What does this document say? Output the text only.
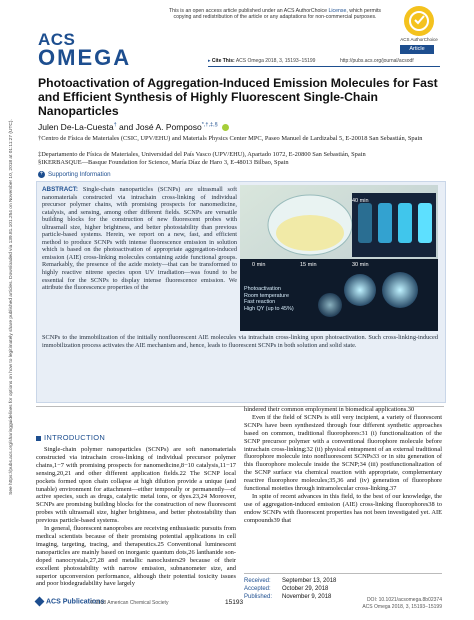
See https://pubs.acs.org/sharingguidelines for options on how to legitimately share published articles. Downloaded via 139.81.101.254 on November 10, 2018 at 01:11:27 (UTC).
This is an open access article published under an ACS AuthorChoice License, which permits
copying and redistribution of the article or any adaptations for non-commercial purposes.
ACS
OMEGA
ACS AuthorChoice
Article
▸ Cite This: ACS Omega 2018, 3, 15193−15199	http://pubs.acs.org/journal/acsodf
Photoactivation of Aggregation-Induced Emission Molecules for Fast and Efficient Synthesis of Highly Fluorescent Single-Chain Nanoparticles
Julen De-La-Cuesta† and José A. Pomposo*,†,‡,§
†Centro de Física de Materiales (CSIC, UPV/EHU) and Materials Physics Center MPC, Paseo Manuel de Lardizabal 5, E-20018 San Sebastián, Spain
‡Departamento de Física de Materiales, Universidad del País Vasco (UPV/EHU), Apartado 1072, E-20800 San Sebastián, Spain
§IKERBASQUE—Basque Foundation for Science, María Díaz de Haro 3, E-48013 Bilbao, Spain
+ Supporting Information
ABSTRACT: Single-chain nanoparticles (SCNPs) are ultrasmall soft nanomaterials constructed via intrachain cross-linking of individual precursor polymer chains, with promising prospects for nanomedicine, catalysis, and sensing, among other different fields. SCNPs are versatile building blocks for the construction of new fluorescent probes with ultrasmall size, higher brightness, and better photostability than previous particle-based systems. Herein, we report on a new, fast, and efficient method to produce SCNPs with intense fluorescence emission in solution which is based on the photoactivation of appropriate aggregation-induced emission (AIE) cross-linking molecules containing azide functional groups. Remarkably, the presence of the azide moiety—that can be transformed to highly reactive nitrene species upon UV irradiation—was found to be essential for the SCNPs to display intense fluorescence emission. We attribute the fluorescence properties of the
40 min
0 min	15 min	30 min
Photoactivation
Room temperature
Fast reaction
High QY (up to 45%)
SCNPs to the immobilization of the initially nonfluorescent AIE molecules via intrachain cross-linking upon photoactivation. Such cross-linking-induced immobilization process activates the AIE mechanism and, hence, leads to fluorescent SCNPs in both solution and solid state.
INTRODUCTION

Single-chain polymer nanoparticles (SCNPs) are soft nanomaterials constructed via intrachain cross-linking of individual precursor polymer chains,1−7 with promising prospects for nanomedicine,8−10 catalysis,11−17 sensing,20,21 and other different application fields.22 The SCNP local pockets formed upon chain collapse at high dilution provide a unique (and tunable) environment for attachment—either temporally or permanently—of active species, such as drugs, catalytic metal ions, or dyes.23,24 Moreover, SCNPs are promising building blocks for the construction of new fluorescent probes with ultrasmall size, higher brightness, and better photostability than previous particle-based systems.

In general, fluorescent nanoprobes are receiving enthusiastic pursuits from medical scientists because of their promising potential applications in cell imaging, targeting, tracing, and therapeutics.25 Conventional luminescent nanoparticles are mainly based on inorganic quantum dots,26 lanthanide son-doped nanocrystals,27,28 and metallic nanoclusters29 because of their excellent photostability with narrow emission, subnanometer size, and superior upconversion performance, although their potential toxicity issues and poor biodegradability have largely

hindered their common employment in biomedical applications.30

Even if the field of SCNPs is still very incipient, a variety of fluorescent SCNPs have been synthesized through four different synthetic approaches based on common, traditional fluorophores:31 (i) functionalization of the SCNP precursor polymer with a conventional fluorophore molecule before intrachain cross-linking;32 (ii) physical entrapment of an external traditional fluorophore molecule into nonfluorescent SCNPs33 or in situ generation of this fluorophore molecule inside the SCNP;34 (iii) postfunctionalization of the SCNP surface via chemical reaction with appropriate, complementary reactive fluorophore molecules;35,36 and (iv) generation of fluorophore functional moieties through intramolecular cross-linking.37

In spite of recent advances in this field, to the best of our knowledge, the use of aggregation-induced emission (AIE) cross-linking fluorophores38 to endow SCNPs with fluorescent properties has not been investigated yet. AIE compounds39 that

Received: September 13, 2018
Accepted: October 29, 2018
Published: November 9, 2018
ACS Publications
© 2018 American Chemical Society	15193	DOI: 10.1021/acsomega.8b02374
ACS Omega 2018, 3, 15193−15199
